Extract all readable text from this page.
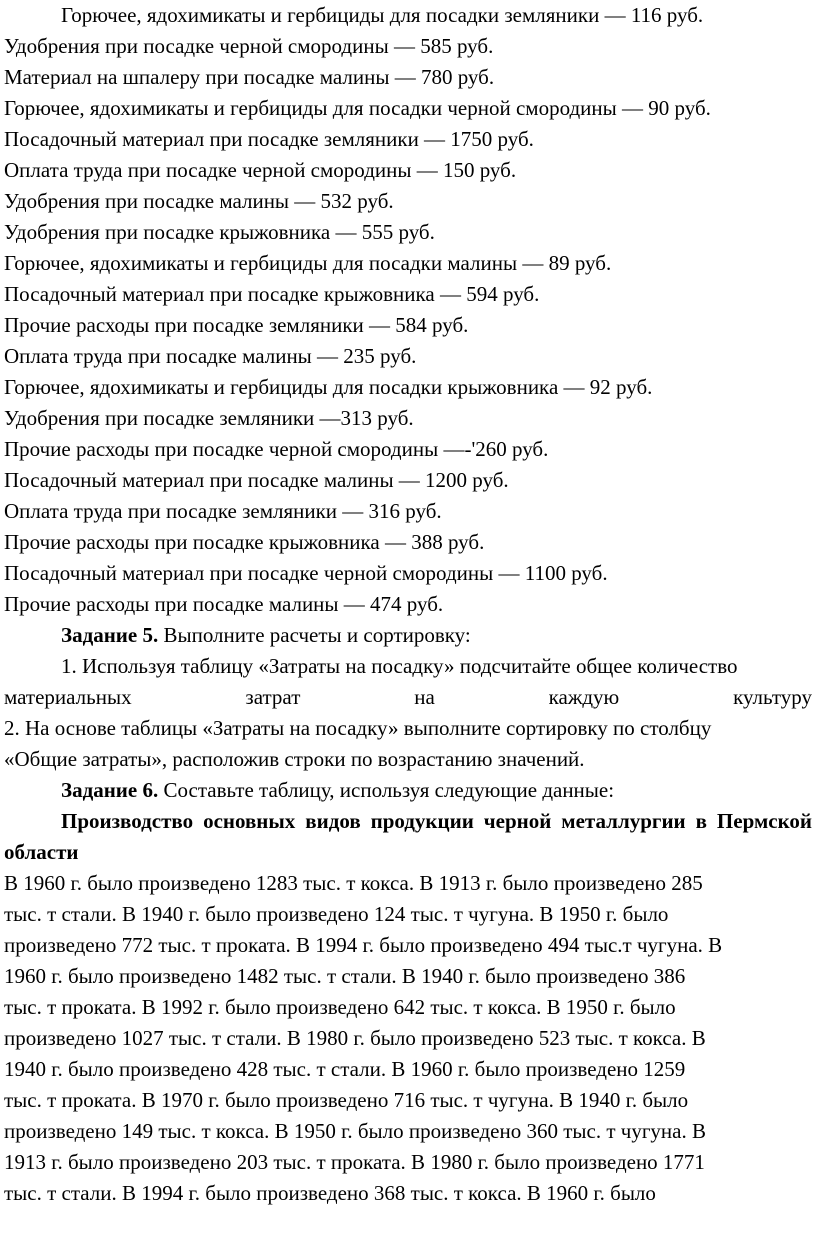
Горючее, ядохимикаты и гербициды для посадки земляники — 116 руб.
Удобрения при посадке черной смородины — 585 руб.
Материал на шпалеру при посадке малины — 780 руб.
Горючее, ядохимикаты и гербициды для посадки черной смородины — 90 руб.
Посадочный материал при посадке земляники — 1750 руб.
Оплата труда при посадке черной смородины — 150 руб.
Удобрения при посадке малины — 532 руб.
Удобрения при посадке крыжовника — 555 руб.
Горючее, ядохимикаты и гербициды для посадки малины — 89 руб.
Посадочный материал при посадке крыжовника — 594 руб.
Прочие расходы при посадке земляники — 584 руб.
Оплата труда при посадке малины — 235 руб.
Горючее, ядохимикаты и гербициды для посадки крыжовника — 92 руб.
Удобрения при посадке земляники —313 руб.
Прочие расходы при посадке черной смородины —-'260 руб.
Посадочный материал при посадке малины — 1200 руб.
Оплата труда при посадке земляники — 316 руб.
Прочие расходы при посадке крыжовника — 388 руб.
Посадочный материал при посадке черной смородины — 1100 руб.
Прочие расходы при посадке малины — 474 руб.
Задание 5. Выполните расчеты и сортировку:
1. Используя таблицу «Затраты на посадку» подсчитайте общее количество
материальных	затрат	на	каждую	культуру
2. На основе таблицы «Затраты на посадку» выполните сортировку по столбцу
«Общие затраты», расположив строки по возрастанию значений.
Задание 6. Составьте таблицу, используя следующие данные:
Производство основных видов продукции черной металлургии в Пермской области
В 1960 г. было произведено 1283 тыс. т кокса. В 1913 г. было произведено 285
тыс. т стали. В 1940 г. было произведено 124 тыс. т чугуна. В 1950 г. было
произведено 772 тыс. т проката. В 1994 г. было произведено 494 тыс.т чугуна. В
1960 г. было произведено 1482 тыс. т стали. В 1940 г. было произведено 386
тыс. т проката. В 1992 г. было произведено 642 тыс. т кокса. В 1950 г. было
произведено 1027 тыс. т стали. В 1980 г. было произведено 523 тыс. т кокса. В
1940 г. было произведено 428 тыс. т стали. В 1960 г. было произведено 1259
тыс. т проката. В 1970 г. было произведено 716 тыс. т чугуна. В 1940 г. было
произведено 149 тыс. т кокса. В 1950 г. было произведено 360 тыс. т чугуна. В
1913 г. было произведено 203 тыс. т проката. В 1980 г. было произведено 1771
тыс. т стали. В 1994 г. было произведено 368 тыс. т кокса. В 1960 г. было
